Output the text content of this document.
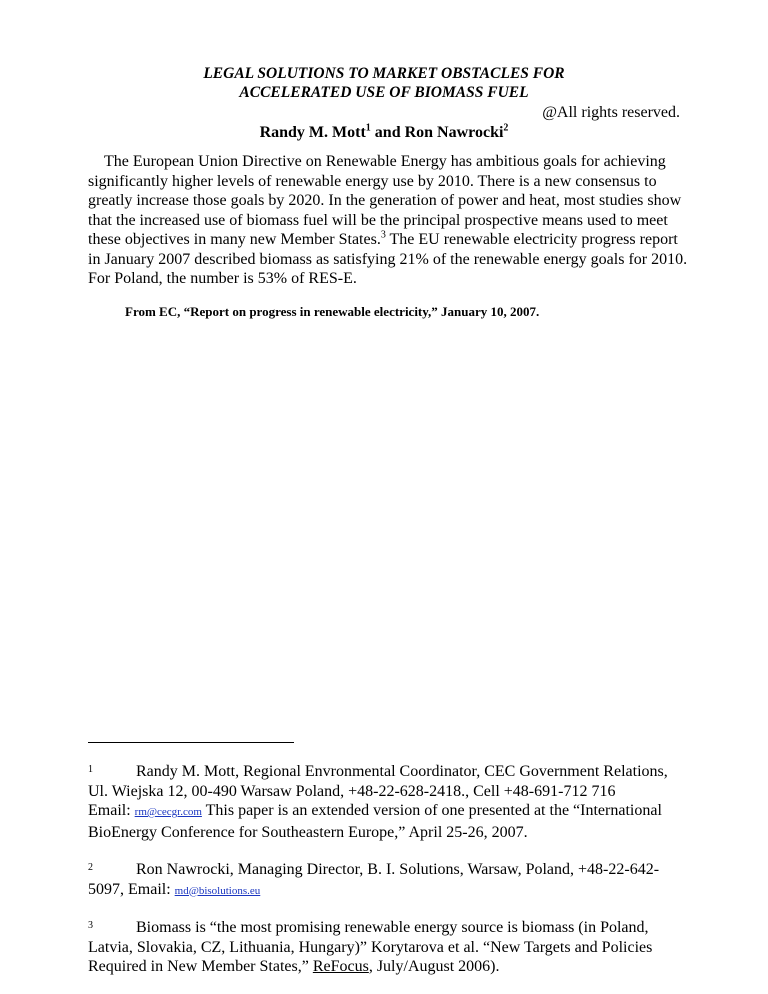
LEGAL SOLUTIONS TO MARKET OBSTACLES FOR
ACCELERATED USE OF BIOMASS FUEL
@All rights reserved.
Randy M. Mott$^1$ and Ron Nawrocki$^2$

The European Union Directive on Renewable Energy has ambitious goals for achieving significantly higher levels of renewable energy use by 2010. There is a new consensus to greatly increase those goals by 2020. In the generation of power and heat, most studies show that the increased use of biomass fuel will be the principal prospective means used to meet these objectives in many new Member States.$^3$ The EU renewable electricity progress report in January 2007 described biomass as satisfying 21% of the renewable energy goals for 2010. For Poland, the number is 53% of RES-E.

From EC, “Report on progress in renewable electricity,” January 10, 2007.
1	Randy M. Mott, Regional Envronmental Coordinator, CEC Government Relations, Ul. Wiejska 12, 00-490 Warsaw Poland, +48-22-628-2418., Cell +48-691-712 716
Email: rm@cecgr.com This paper is an extended version of one presented at the “International BioEnergy Conference for Southeastern Europe,” April 25-26, 2007.
2	Ron Nawrocki, Managing Director, B. I. Solutions, Warsaw, Poland, +48-22-642-5097, Email: md@bisolutions.eu
3	Biomass is “the most promising renewable energy source is biomass (in Poland, Latvia, Slovakia, CZ, Lithuania, Hungary)” Korytarova et al. “New Targets and Policies Required in New Member States,” ReFocus, July/August 2006).
